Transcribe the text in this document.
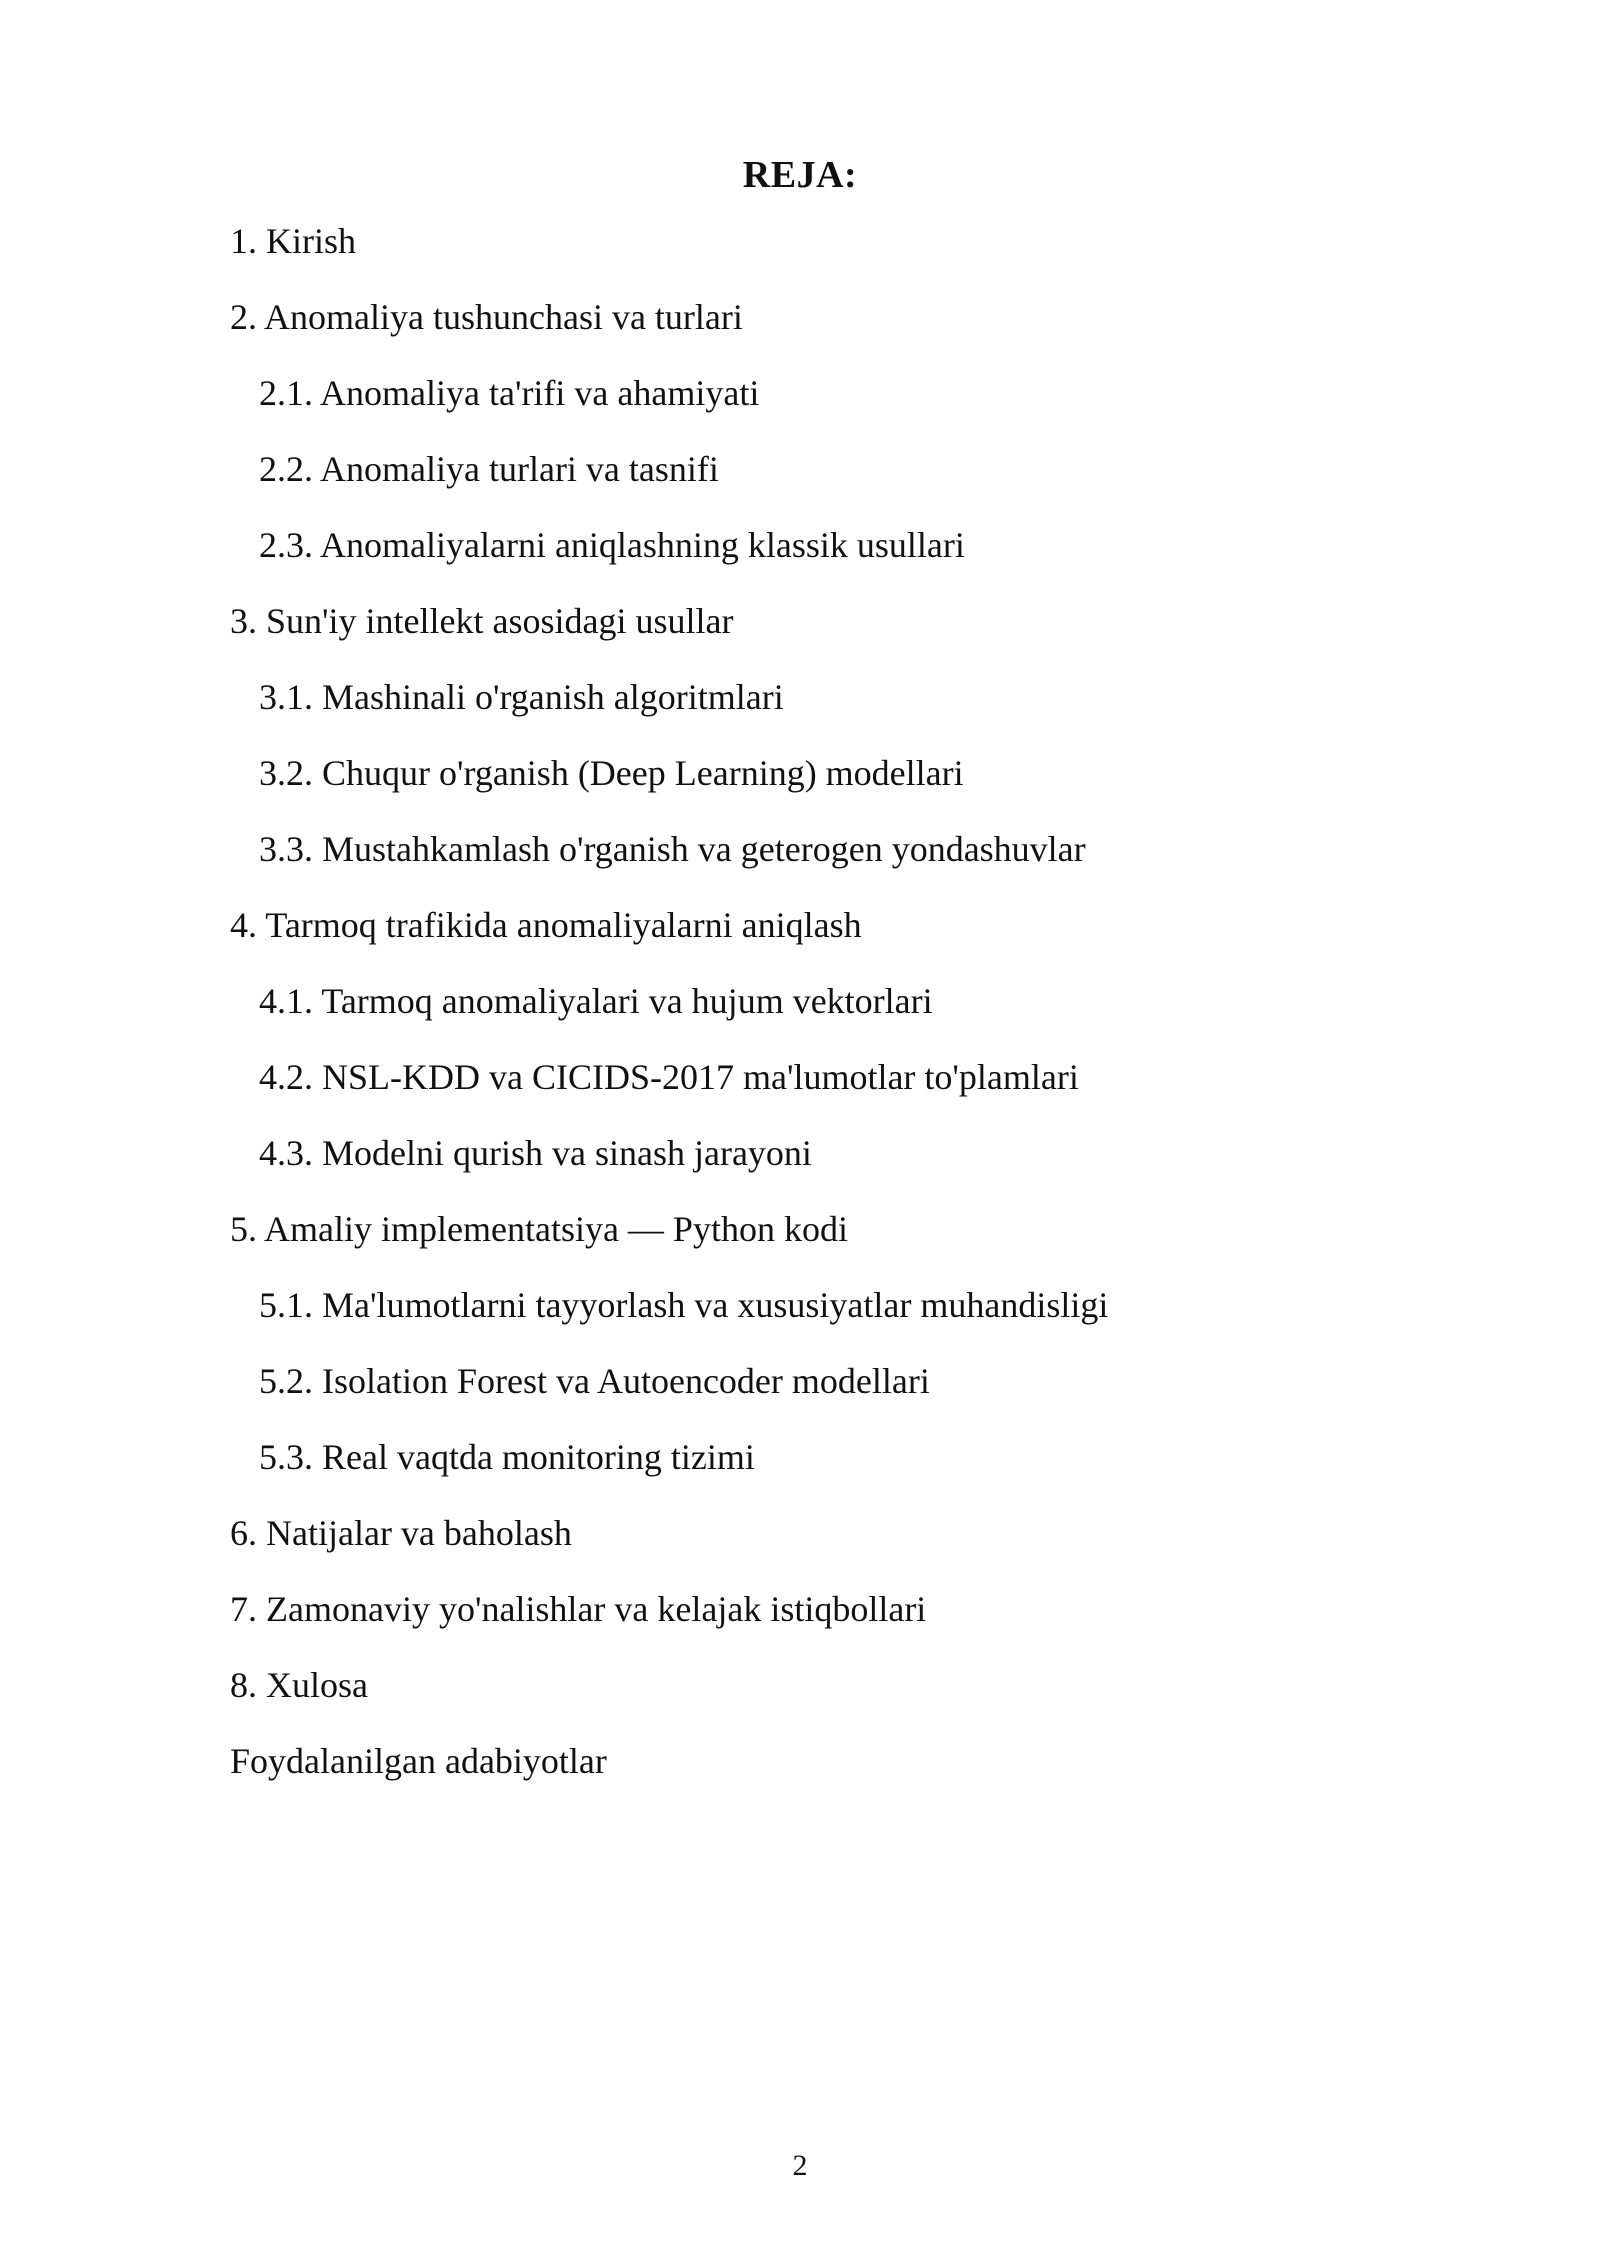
REJA:
1. Kirish
2. Anomaliya tushunchasi va turlari
2.1. Anomaliya ta'rifi va ahamiyati
2.2. Anomaliya turlari va tasnifi
2.3. Anomaliyalarni aniqlashning klassik usullari
3. Sun'iy intellekt asosidagi usullar
3.1. Mashinali o'rganish algoritmlari
3.2. Chuqur o'rganish (Deep Learning) modellari
3.3. Mustahkamlash o'rganish va geterogen yondashuvlar
4. Tarmoq trafikida anomaliyalarni aniqlash
4.1. Tarmoq anomaliyalari va hujum vektorlari
4.2. NSL-KDD va CICIDS-2017 ma'lumotlar to'plamlari
4.3. Modelni qurish va sinash jarayoni
5. Amaliy implementatsiya — Python kodi
5.1. Ma'lumotlarni tayyorlash va xususiyatlar muhandisligi
5.2. Isolation Forest va Autoencoder modellari
5.3. Real vaqtda monitoring tizimi
6. Natijalar va baholash
7. Zamonaviy yo'nalishlar va kelajak istiqbollari
8. Xulosa
Foydalanilgan adabiyotlar
2
